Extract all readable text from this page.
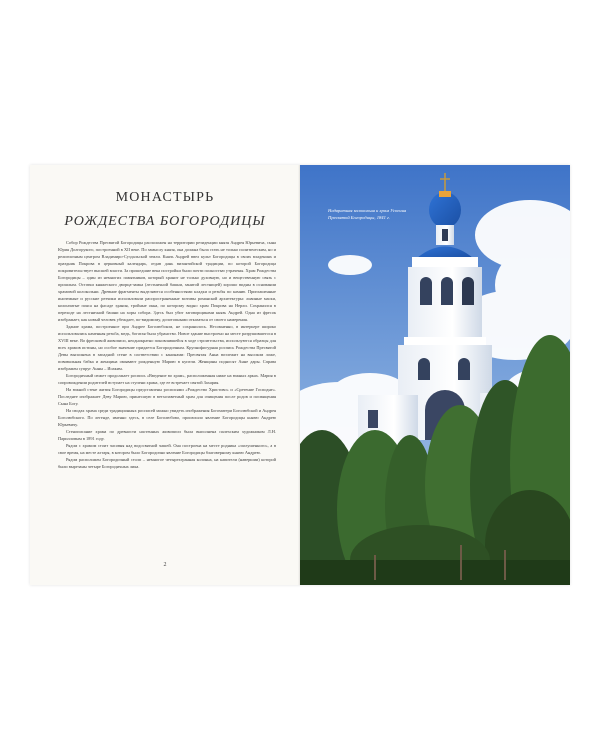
МОНАСТЫРЬ
РОЖДЕСТВА БОГОРОДИЦЫ

Собор Рождества Пресвятой Богородицы расположен на территории резиденции князя Андрея Юрьевича, сына Юрия Долгорукого, построенной в XII веке. По замыслу князя, она должна была стать не только политическим, но и религиозным центром Владимиро-Суздальской земли. Князь Андрей ввел культ Богородицы в своих владениях и праздник Покрова в церковный календарь, отдав дань византийской традиции, по которой Богородица покровительствует высшей власти. За прошедшие века постройки были почти полностью утрачены. Храм Рождества Богородицы – один из немногих памятников, который хранит не только духовную, но и вещественную связь с прошлым. Остатки княжеского дворца-замка (лестничной башни, занятой лестницей) хорошо видны в основании храмовой колокольни. Древние фрагменты выделяются особенностями кладки и резьбы по камню. Приглашенные иноземные и русские резчики использовали распространенные мотивы романской архитектуры: львиные маски, колончатые пояса на фасаде здания, тройные окна, по которому видно храм Покрова на Нерли. Сохранился в переходе на лестничной башни на хоры собора. Здесь был убит заговорщиками князь Андрей. Одна из фресок изображает, как новый человек убеждает, по-видимому, допотопными отказаться от своего намерения.

Здание храма, построенное при Андрее Боголюбском, не сохранилось. Несомненно, в интерьере широко использовались каменная резьба, медь, богатая была убранство. Новое здание выстроено на месте разрушившегося в XVIII веке. Во фресковой живописи, неоднократно поновлявшейся в ходе строительства, используются образцы для всех храмов истины, но особое значение придается Богородичным. Крупнофигурная роспись Рождества Пресвятой Девы выполнена в западной стене в соответствии с канонами: Пресвятая Анна возлежит на высоком ложе, повивальная бабка и женщина омывают рожденную Марию в купели. Женщины подносят Анне дары. Справа изображен супруг Анны – Иоаким.

Богородичный сюжет продолжает роспись «Введение во храм», расположенная ниже на южных арках. Мария в сопровождении родителей вступает на ступени храма, где ее встречает святой Захария.

На южной стене жития Богородицы представлены росписями «Рождество Христово» и «Сретение Господне». Последнее изображает Деву Марию, принесшую в ветхозаветный храм для очищения после родов и посвящения Сына Богу.

На сводах храма среди традиционных росписей можно увидеть изображения Богоматери Боголюбской и Андрея Боголюбского. По легенде, именно здесь, в селе Боголюбово, произошло явление Богородицы князю Андрею Юрьевичу.

Стенописание храма по древности настенных живописи была выполнена палехским художником Л.Н. Парилловым в 1891 году.

Рядом с храмом стоит часовня над водосвятной чашей. Она построена на месте родника «заглушенного», а в свое время, на месте алтаря, в котором было Богородично явление Богородицы благоверному князю Андрею.

Рядом расположен Богородичный столп – немногое четырехгранная колонна, на капители (навершии) которой были вырезаны четыре Богородичных лика.

2
Надвратная колокольня и храм Успения Пресвятой Богородицы, 1841 г.
